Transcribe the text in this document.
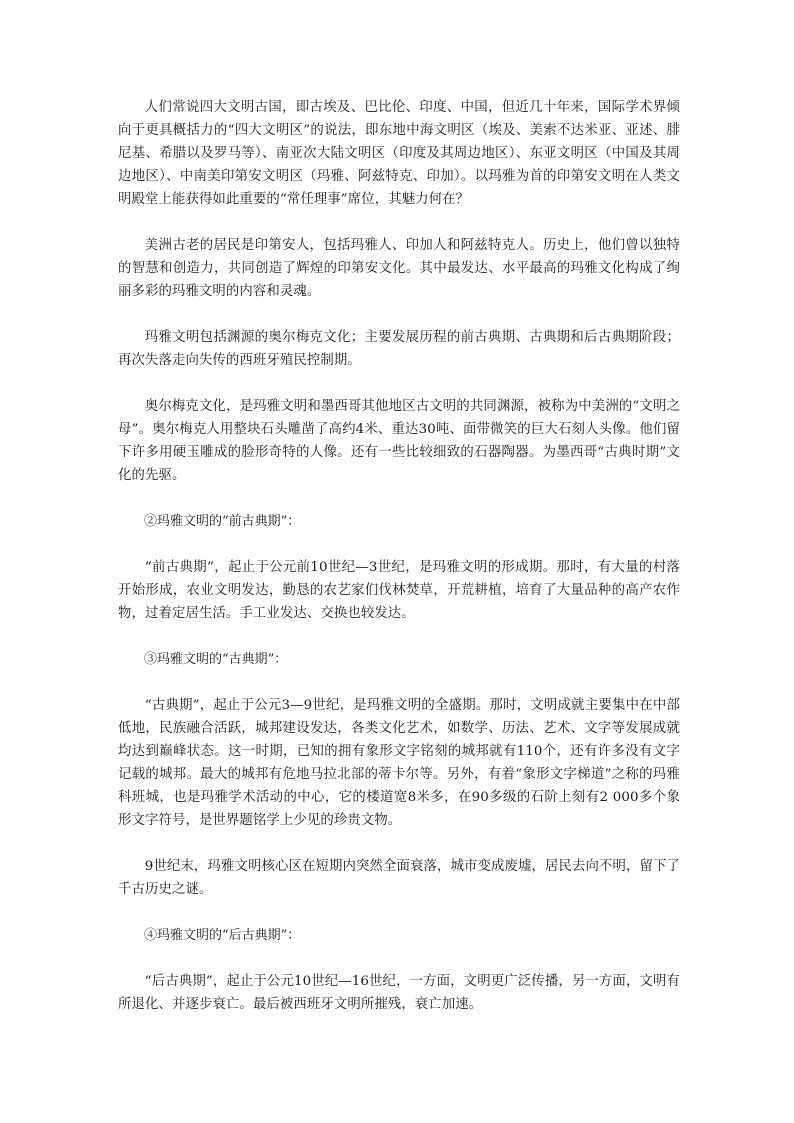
人们常说四大文明古国，即古埃及、巴比伦、印度、中国，但近几十年来，国际学术界倾向于更具概括力的“四大文明区”的说法，即东地中海文明区（埃及、美索不达米亚、亚述、腓尼基、希腊以及罗马等）、南亚次大陆文明区（印度及其周边地区）、东亚文明区（中国及其周边地区）、中南美印第安文明区（玛雅、阿兹特克、印加）。以玛雅为首的印第安文明在人类文明殿堂上能获得如此重要的“常任理事”席位，其魅力何在？

美洲古老的居民是印第安人，包括玛雅人、印加人和阿兹特克人。历史上，他们曾以独特的智慧和创造力，共同创造了辉煌的印第安文化。其中最发达、水平最高的玛雅文化构成了绚丽多彩的玛雅文明的内容和灵魂。

玛雅文明包括渊源的奥尔梅克文化；主要发展历程的前古典期、古典期和后古典期阶段；再次失落走向失传的西班牙殖民控制期。

奥尔梅克文化，是玛雅文明和墨西哥其他地区古文明的共同渊源，被称为中美洲的“文明之母”。奥尔梅克人用整块石头雕凿了高约4米、重达30吨、面带微笑的巨大石刻人头像。他们留下许多用硬玉雕成的脸形奇特的人像。还有一些比较细致的石器陶器。为墨西哥“古典时期”文化的先驱。

②玛雅文明的“前古典期”：

“前古典期”，起止于公元前10世纪—3世纪，是玛雅文明的形成期。那时，有大量的村落开始形成，农业文明发达，勤恳的农艺家们伐林焚草，开荒耕植，培育了大量品种的高产农作物，过着定居生活。手工业发达、交换也较发达。

③玛雅文明的“古典期”：

“古典期”，起止于公元3—9世纪，是玛雅文明的全盛期。那时，文明成就主要集中在中部低地，民族融合活跃，城邦建设发达，各类文化艺术，如数学、历法、艺术、文字等发展成就均达到巅峰状态。这一时期，已知的拥有象形文字铭刻的城邦就有110个，还有许多没有文字记载的城邦。最大的城邦有危地马拉北部的蒂卡尔等。另外，有着“象形文字梯道”之称的玛雅科班城，也是玛雅学术活动的中心，它的楼道宽8米多，在90多级的石阶上刻有2 000多个象形文字符号，是世界题铭学上少见的珍贵文物。

9世纪末，玛雅文明核心区在短期内突然全面衰落，城市变成废墟，居民去向不明，留下了千古历史之谜。

④玛雅文明的“后古典期”：

“后古典期”，起止于公元10世纪—16世纪，一方面，文明更广泛传播，另一方面，文明有所退化、并逐步衰亡。最后被西班牙文明所摧残，衰亡加速。
